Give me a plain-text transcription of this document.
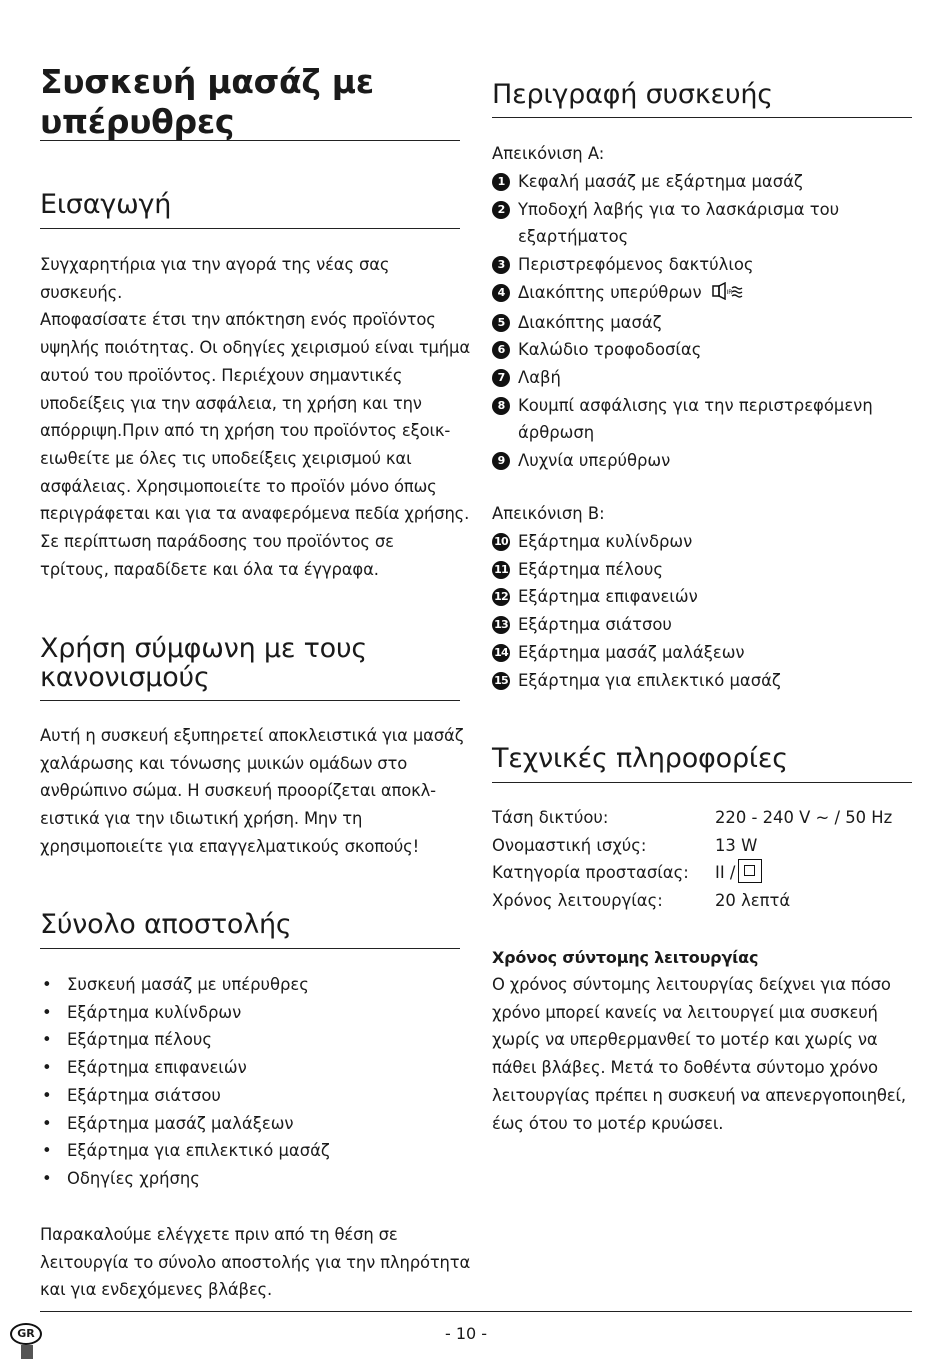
Συσκευή μασάζ με
υπέρυθρες
Εισαγωγή
Συγχαρητήρια για την αγορά της νέας σας
συσκευής.
Αποφασίσατε έτσι την απόκτηση ενός προϊόντος
υψηλής ποιότητας. Οι οδηγίες χειρισμού είναι τμήμα
αυτού του προϊόντος. Περιέχουν σημαντικές
υποδείξεις για την ασφάλεια, τη χρήση και την
απόρριψη.Πριν από τη χρήση του προϊόντος εξοικ-
ειωθείτε με όλες τις υποδείξεις χειρισμού και
ασφάλειας. Χρησιμοποιείτε το προϊόν μόνο όπως
περιγράφεται και για τα αναφερόμενα πεδία χρήσης.
Σε περίπτωση παράδοσης του προϊόντος σε
τρίτους, παραδίδετε και όλα τα έγγραφα.
Χρήση σύμφωνη με τους
κανονισμούς
Αυτή η συσκευή εξυπηρετεί αποκλειστικά για μασάζ
χαλάρωσης και τόνωσης μυικών ομάδων στο
ανθρώπινο σώμα. Η συσκευή προορίζεται αποκλ-
ειστικά για την ιδιωτική χρήση. Μην τη
χρησιμοποιείτε για επαγγελματικούς σκοπούς!
Σύνολο αποστολής
• Συσκευή μασάζ με υπέρυθρες
• Εξάρτημα κυλίνδρων
• Εξάρτημα πέλους
• Εξάρτημα επιφανειών
• Εξάρτημα σιάτσου
• Εξάρτημα μασάζ μαλάξεων
• Εξάρτημα για επιλεκτικό μασάζ
• Οδηγίες χρήσης
Παρακαλούμε ελέγχετε πριν από τη θέση σε
λειτουργία το σύνολο αποστολής για την πληρότητα
και για ενδεχόμενες βλάβες.
Περιγραφή συσκευής

Απεικόνιση A:

1 Κεφαλή μασάζ με εξάρτημα μασάζ
2 Υποδοχή λαβής για το λασκάρισμα του
εξαρτήματος
3 Περιστρεφόμενος δακτύλιος
4 Διακόπτης υπερύθρων	IR
5 Διακόπτης μασάζ
6 Καλώδιο τροφοδοσίας
7 Λαβή
8 Κουμπί ασφάλισης για την περιστρεφόμενη
άρθρωση
9 Λυχνία υπερύθρων

Απεικόνιση B:

10 Εξάρτημα κυλίνδρων
11 Εξάρτημα πέλους
12 Εξάρτημα επιφανειών
13 Εξάρτημα σιάτσου
14 Εξάρτημα μασάζ μαλάξεων
15 Εξάρτημα για επιλεκτικό μασάζ
Τεχνικές πληροφορίες
Τάση δικτύου:	220 - 240 V ~ / 50 Hz
Ονομαστική ισχύς:	13 W
Κατηγορία προστασίας: II /
Χρόνος λειτουργίας:	20 λεπτά

Χρόνος σύντομης λειτουργίας

Ο χρόνος σύντομης λειτουργίας δείχνει για πόσο
χρόνο μπορεί κανείς να λειτουργεί μια συσκευή
χωρίς να υπερθερμανθεί το μοτέρ και χωρίς να
πάθει βλάβες. Μετά το δοθέντα σύντομο χρόνο
λειτουργίας πρέπει η συσκευή να απενεργοποιηθεί,
έως ότου το μοτέρ κρυώσει.
GR	- 10 -
